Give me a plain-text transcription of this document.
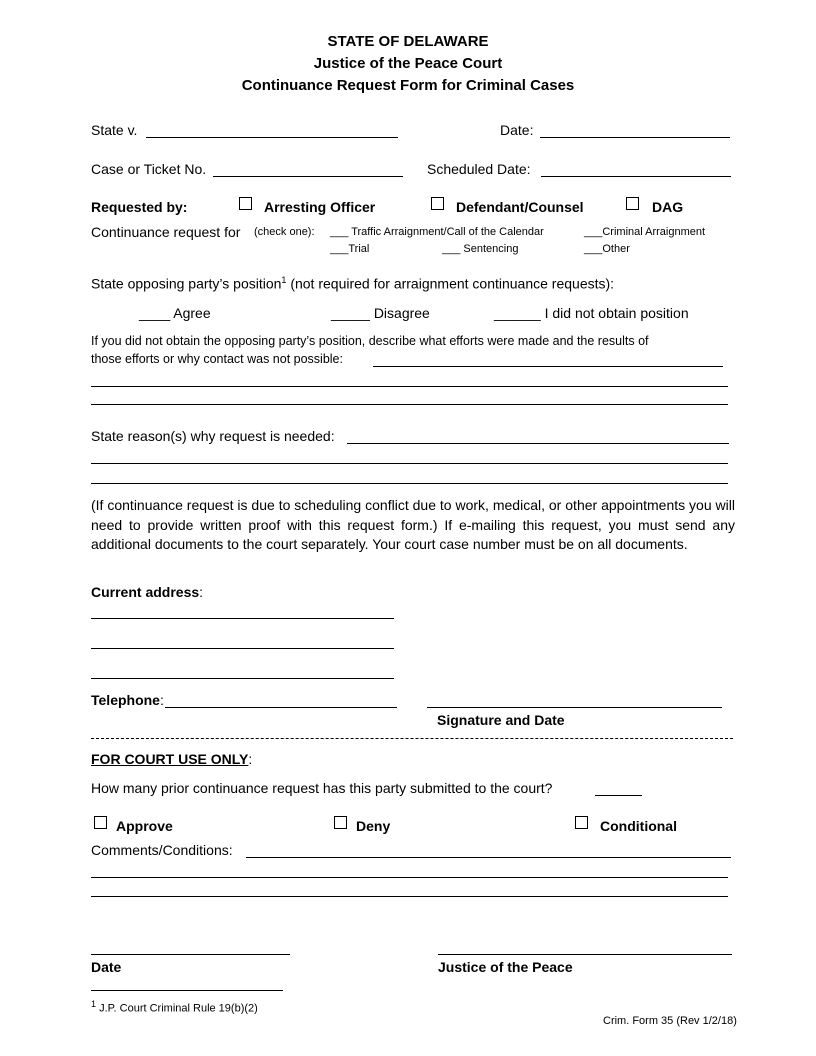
STATE OF DELAWARE
Justice of the Peace Court
Continuance Request Form for Criminal Cases
State v.	Date:
Case or Ticket No.	Scheduled Date:
Requested by:	Arresting Officer	Defendant/Counsel	DAG
Continuance request for (check one): ___ Traffic Arraignment/Call of the Calendar	___Criminal Arraignment
___Trial	___ Sentencing	___Other
State opposing party’s position$^1$ (not required for arraignment continuance requests):
____ Agree	_____ Disagree	______ I did not obtain position
If you did not obtain the opposing party’s position, describe what efforts were made and the results of
those efforts or why contact was not possible:
State reason(s) why request is needed:
(If continuance request is due to scheduling conflict due to work, medical, or other appointments you will need to provide written proof with this request form.) If e-mailing this request, you must send any additional documents to the court separately. Your court case number must be on all documents.
Current address:
Telephone:
Signature and Date
FOR COURT USE ONLY:
How many prior continuance request has this party submitted to the court?
Approve	Deny	Conditional
Comments/Conditions:
Date	Justice of the Peace
$^1$ J.P. Court Criminal Rule 19(b)(2)
Crim. Form 35 (Rev 1/2/18)
